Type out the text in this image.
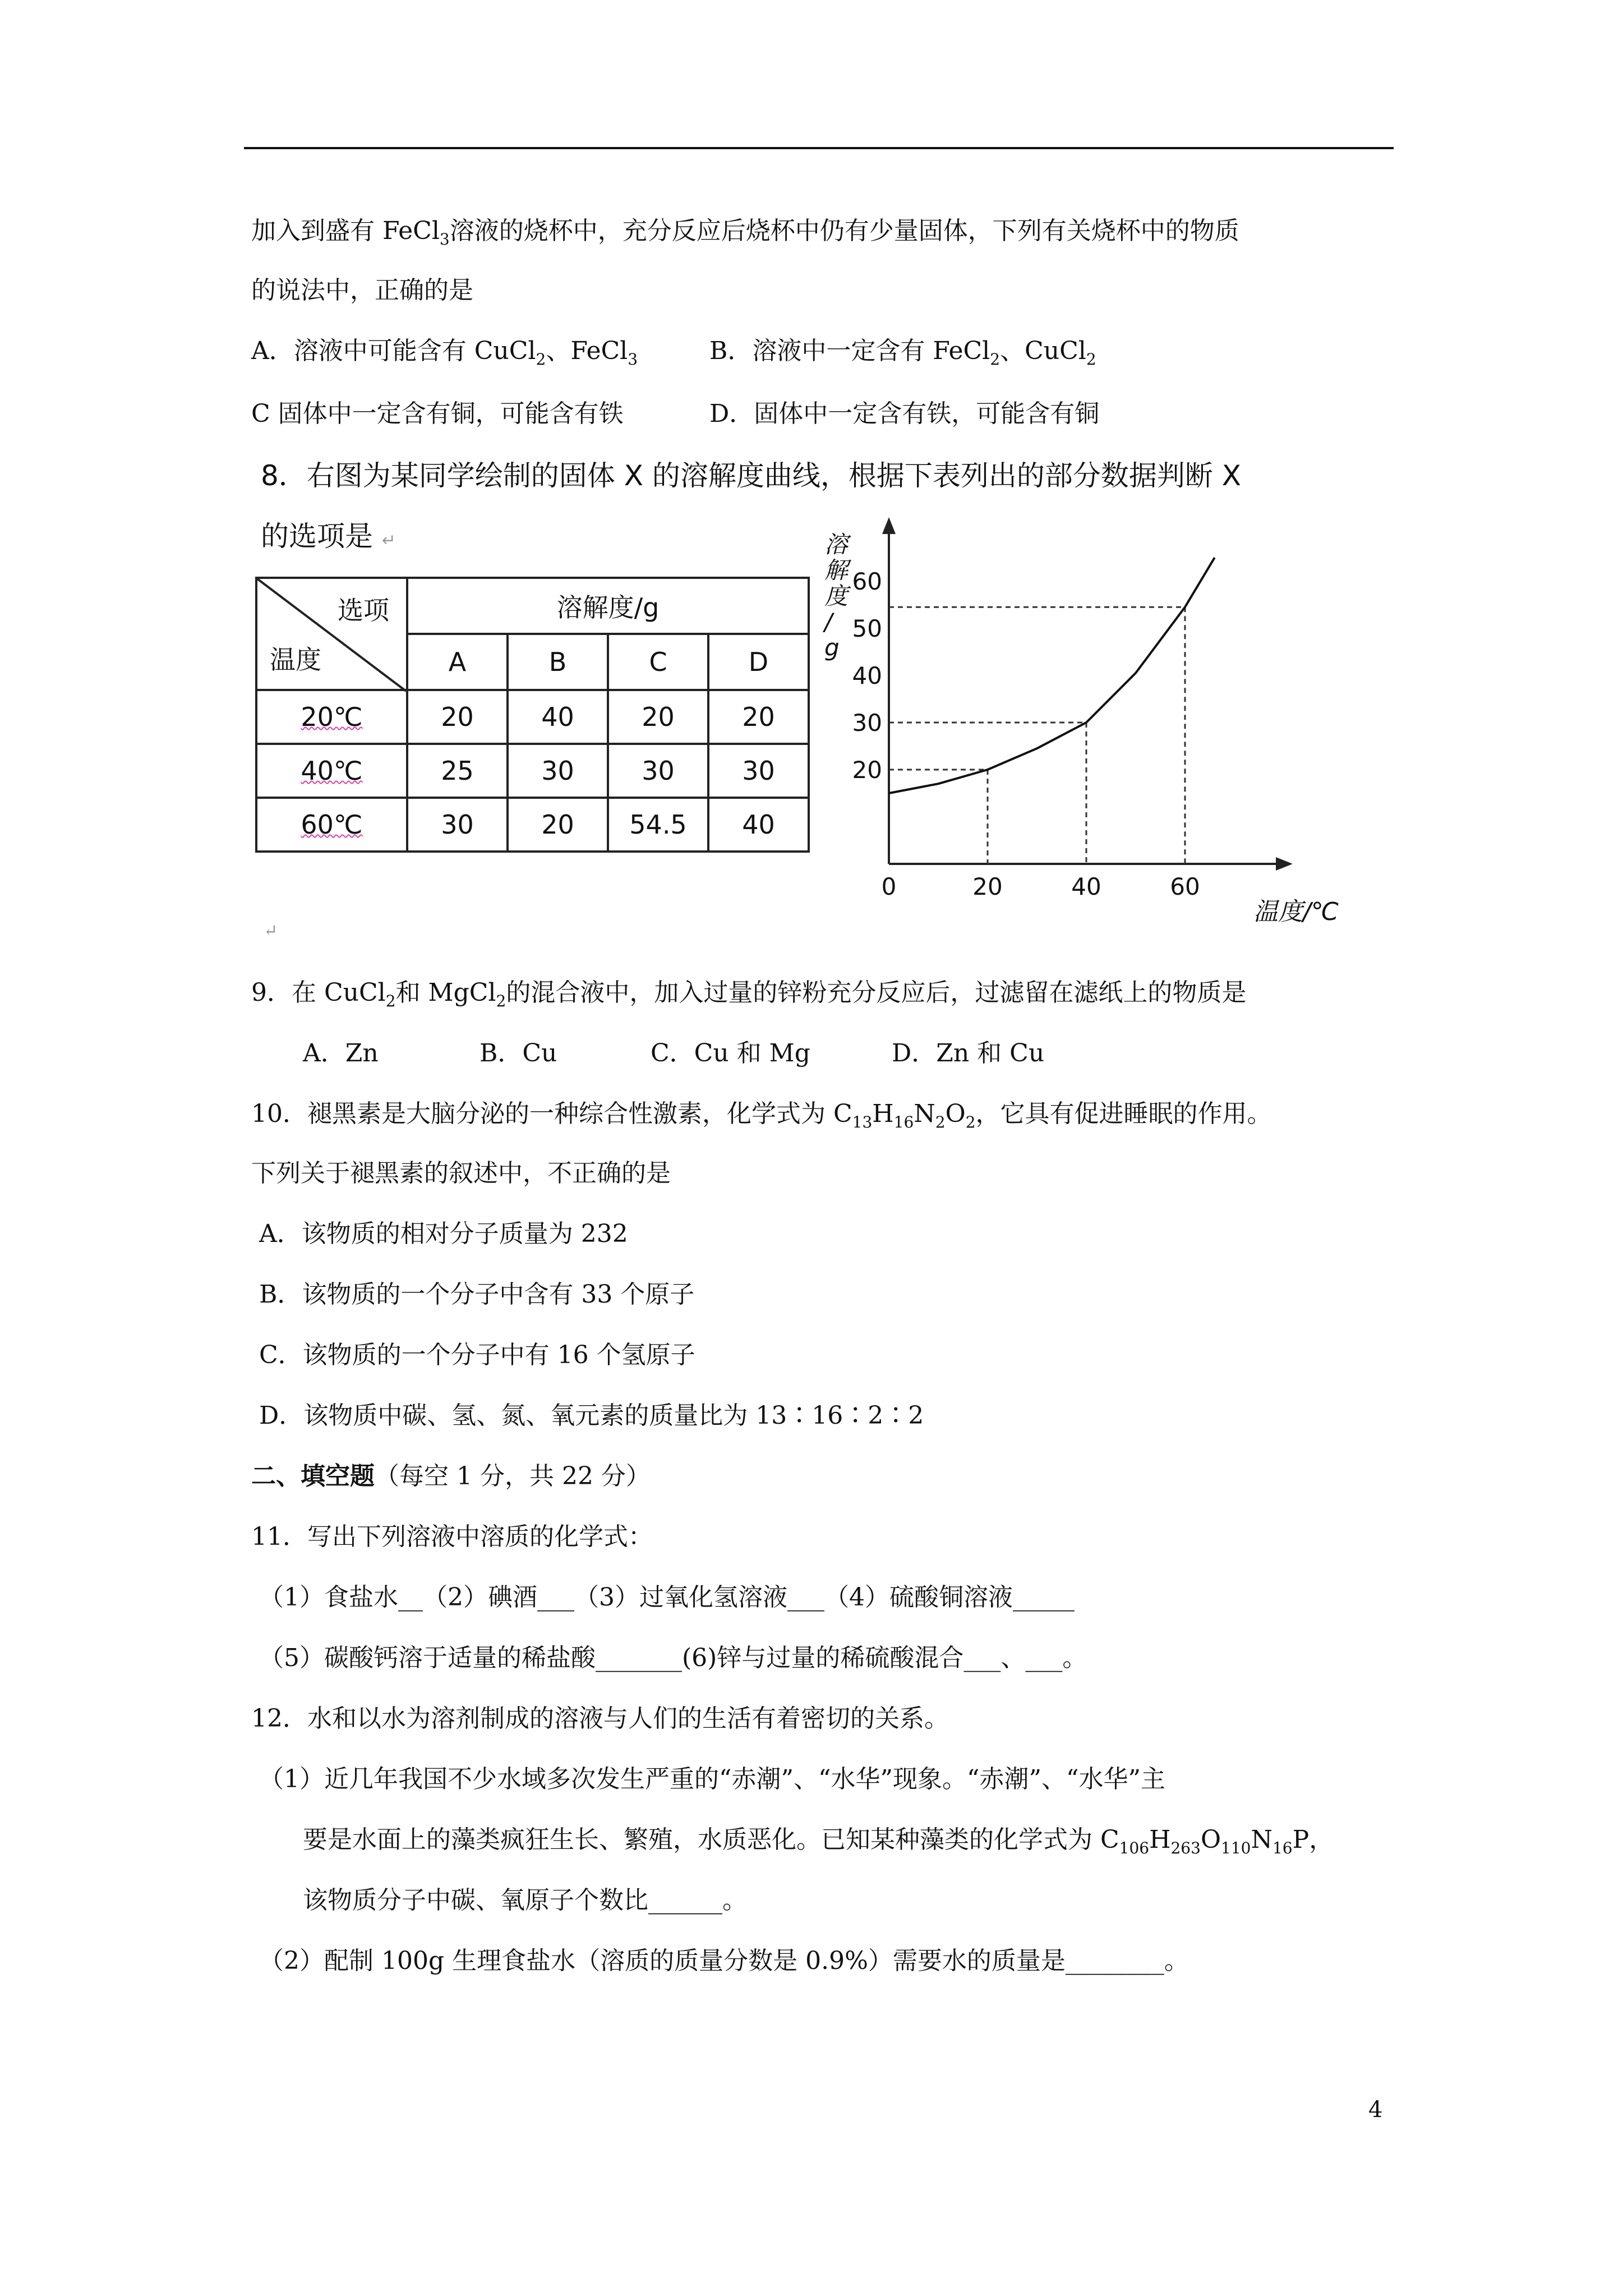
加入到盛有 FeCl$_3$溶液的烧杯中，充分反应后烧杯中仍有少量固体，下列有关烧杯中的物质
的说法中，正确的是
A．溶液中可能含有 CuCl$_2$、FeCl$_3$	B．溶液中一定含有 FeCl$_2$、CuCl$_2$
C 固体中一定含有铜，可能含有铁	D．固体中一定含有铁，可能含有铜
8．右图为某同学绘制的固体 X 的溶解度曲线，根据下表列出的部分数据判断 X
的选项是 ↵
选项
温度	溶解度/g			
	A	B	C	D
20℃	20	40	20	20
40℃	25	30	30	30
60℃	30	20	54.5	40
↵
0	20	40	60
20
30
40
50
60
溶解度/ g
温度/℃
9．在 CuCl$_2$和 MgCl$_2$的混合液中，加入过量的锌粉充分反应后，过滤留在滤纸上的物质是
A．Zn	B．Cu	C．Cu 和 Mg	D．Zn 和 Cu
10．褪黑素是大脑分泌的一种综合性激素，化学式为 $C_{13}H_{16}N_2O_2$，它具有促进睡眠的作用。
下列关于褪黑素的叙述中，不正确的是
A．该物质的相对分子质量为 232
B．该物质的一个分子中含有 33 个原子
C．该物质的一个分子中有 16 个氢原子
D．该物质中碳、氢、氮、氧元素的质量比为 13∶16∶2∶2
二、填空题（每空 1 分，共 22 分）
11．写出下列溶液中溶质的化学式：
（1）食盐水__（2）碘酒___（3）过氧化氢溶液___（4）硫酸铜溶液_____
（5）碳酸钙溶于适量的稀盐酸_______(6)锌与过量的稀硫酸混合___、___。
12．水和以水为溶剂制成的溶液与人们的生活有着密切的关系。
（1）近几年我国不少水域多次发生严重的“赤潮”、“水华”现象。“赤潮”、“水华”主
要是水面上的藻类疯狂生长、繁殖，水质恶化。已知某种藻类的化学式为 $C_{106}H_{263}O_{110}N_{16}P$，
该物质分子中碳、氧原子个数比______。
（2）配制 100g 生理食盐水（溶质的质量分数是 0.9%）需要水的质量是________。
4
